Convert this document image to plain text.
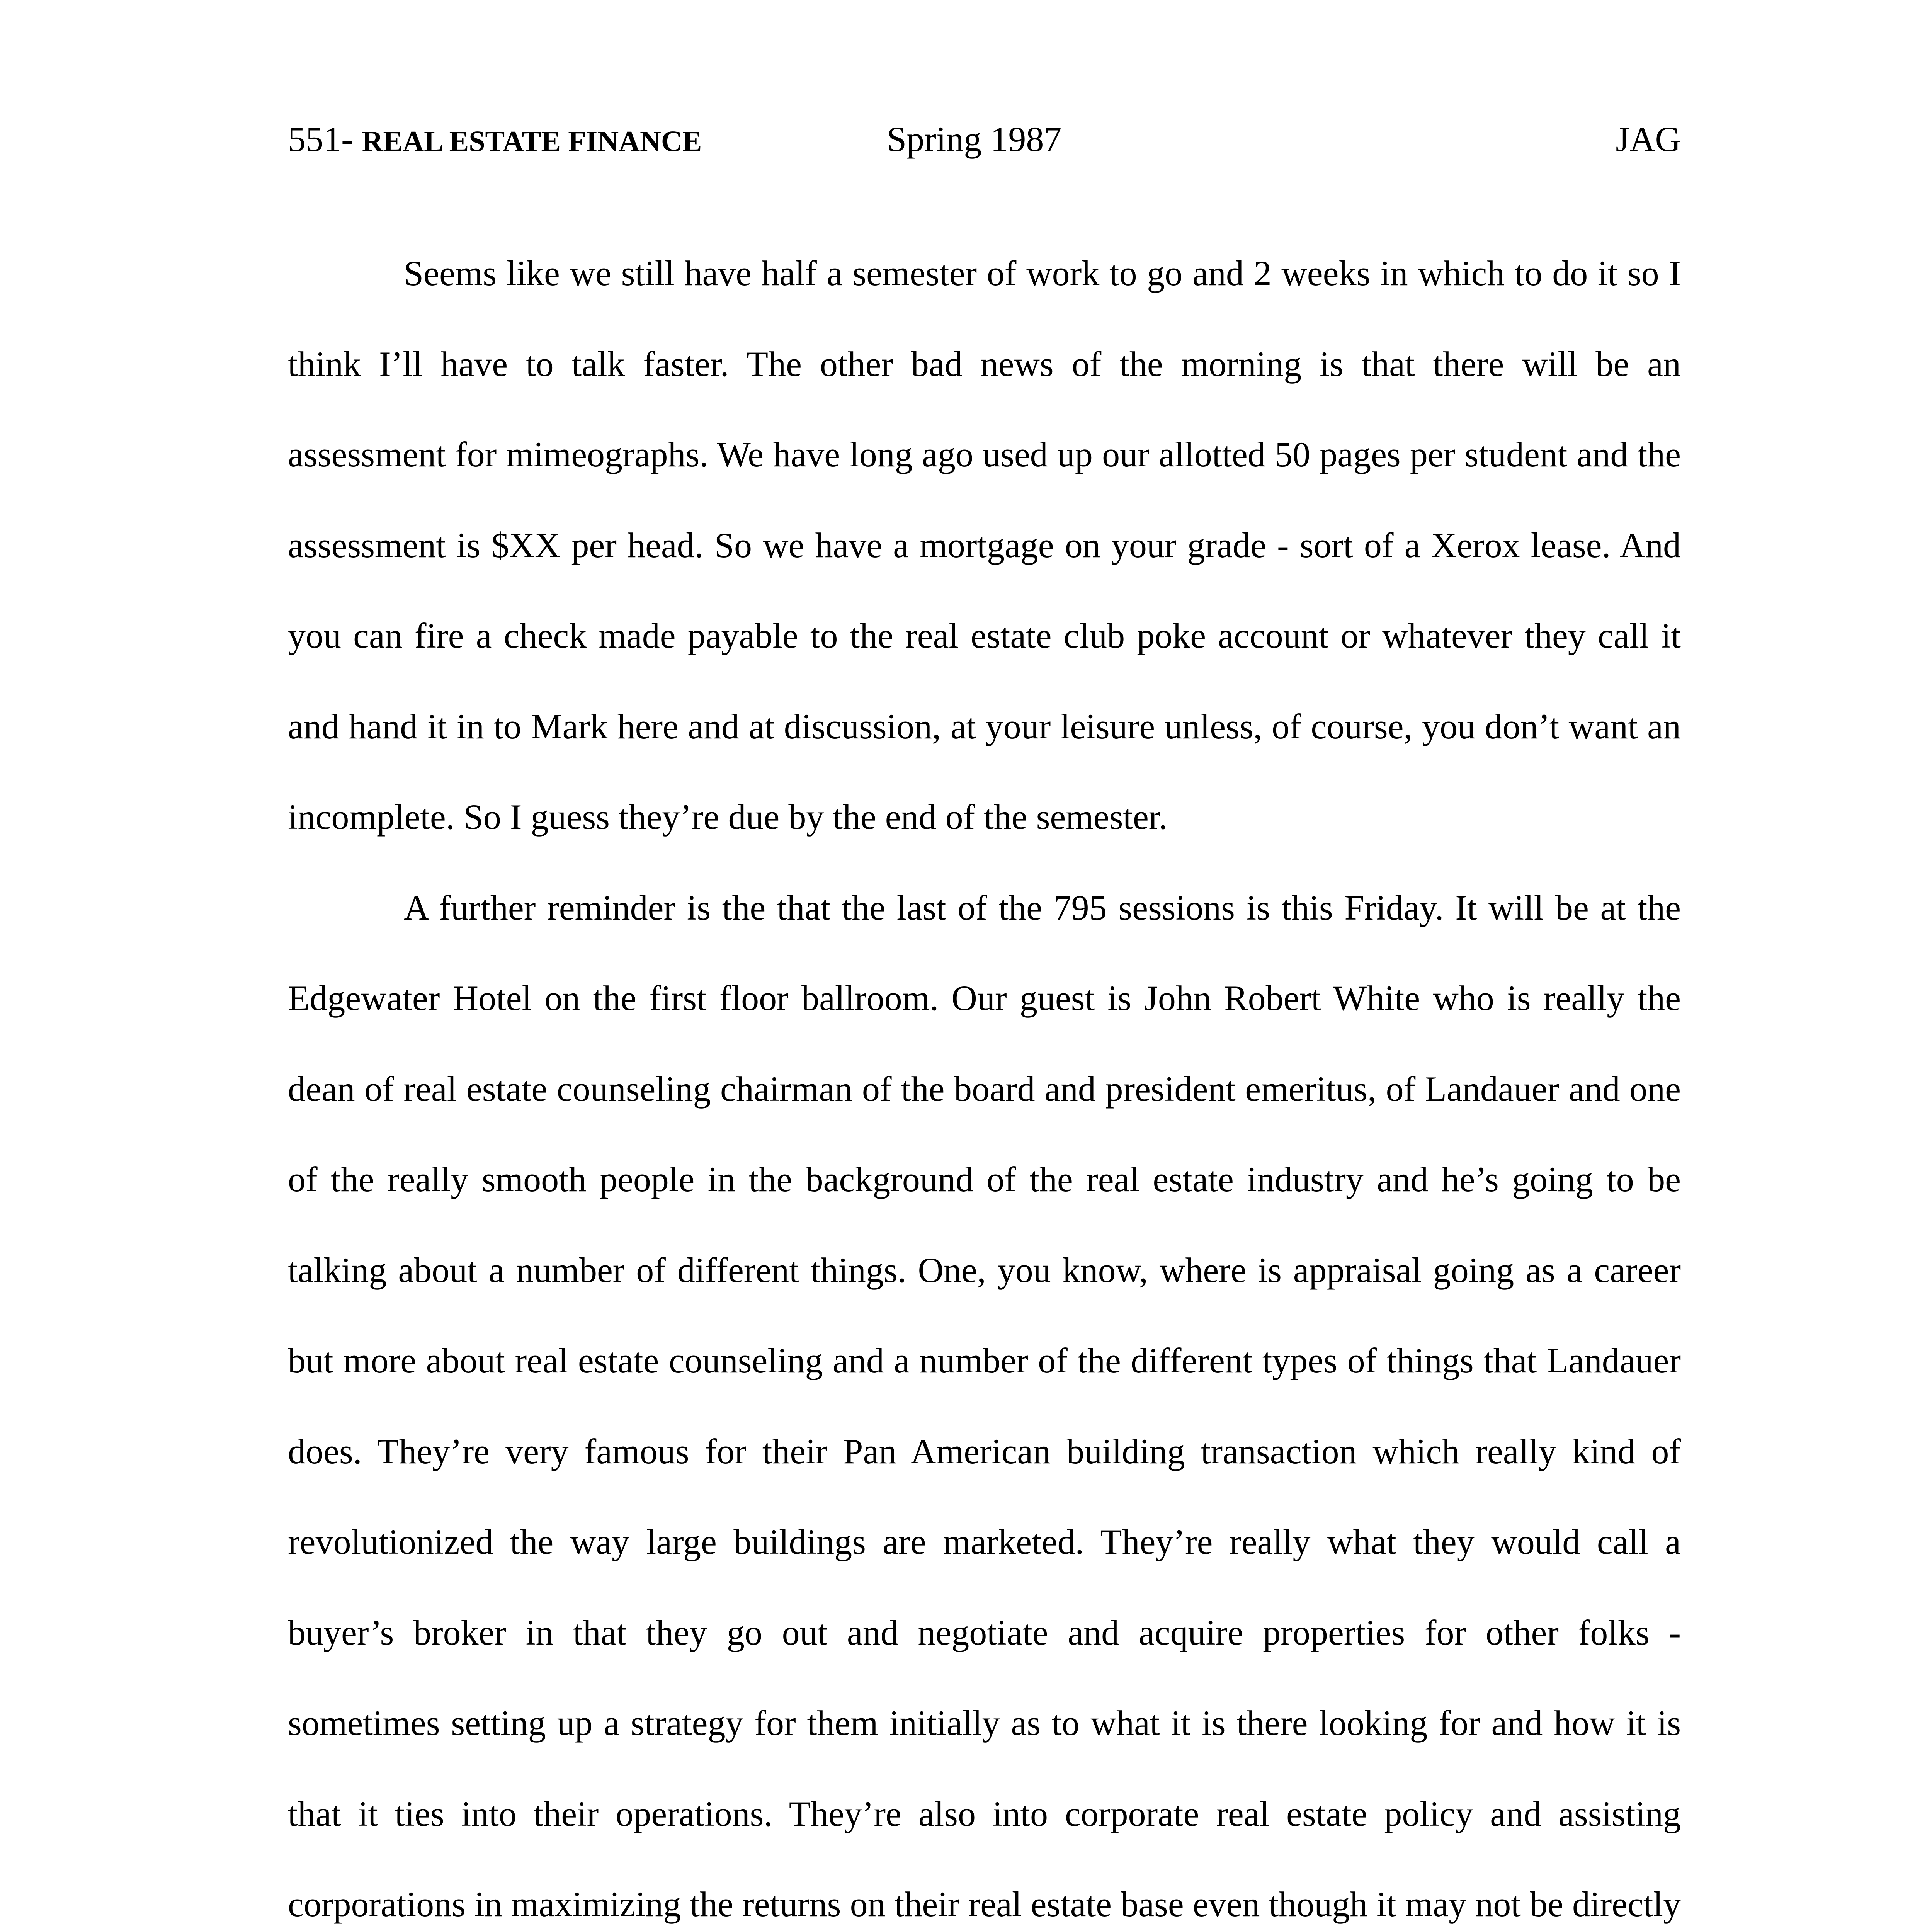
551- REAL ESTATE FINANCE	Spring 1987	JAG

Seems like we still have half a semester of work to go and 2 weeks in which to do it so I think I’ll have to talk faster. The other bad news of the morning is that there will be an assessment for mimeographs. We have long ago used up our allotted 50 pages per student and the assessment is $XX per head. So we have a mortgage on your grade - sort of a Xerox lease. And you can fire a check made payable to the real estate club poke account or whatever they call it and hand it in to Mark here and at discussion, at your leisure unless, of course, you don’t want an incomplete. So I guess they’re due by the end of the semester.

A further reminder is the that the last of the 795 sessions is this Friday. It will be at the Edgewater Hotel on the first floor ballroom. Our guest is John Robert White who is really the dean of real estate counseling chairman of the board and president emeritus, of Landauer and one of the really smooth people in the background of the real estate industry and he’s going to be talking about a number of different things. One, you know, where is appraisal going as a career but more about real estate counseling and a number of the different types of things that Landauer does. They’re very famous for their Pan American building transaction which really kind of revolutionized the way large buildings are marketed. They’re really what they would call a buyer’s broker in that they go out and negotiate and acquire properties for other folks - sometimes setting up a strategy for them initially as to what it is there looking for and how it is that it ties into their operations. They’re also into corporate real estate policy and assisting corporations in maximizing the returns on their real estate base even though it may not be directly
